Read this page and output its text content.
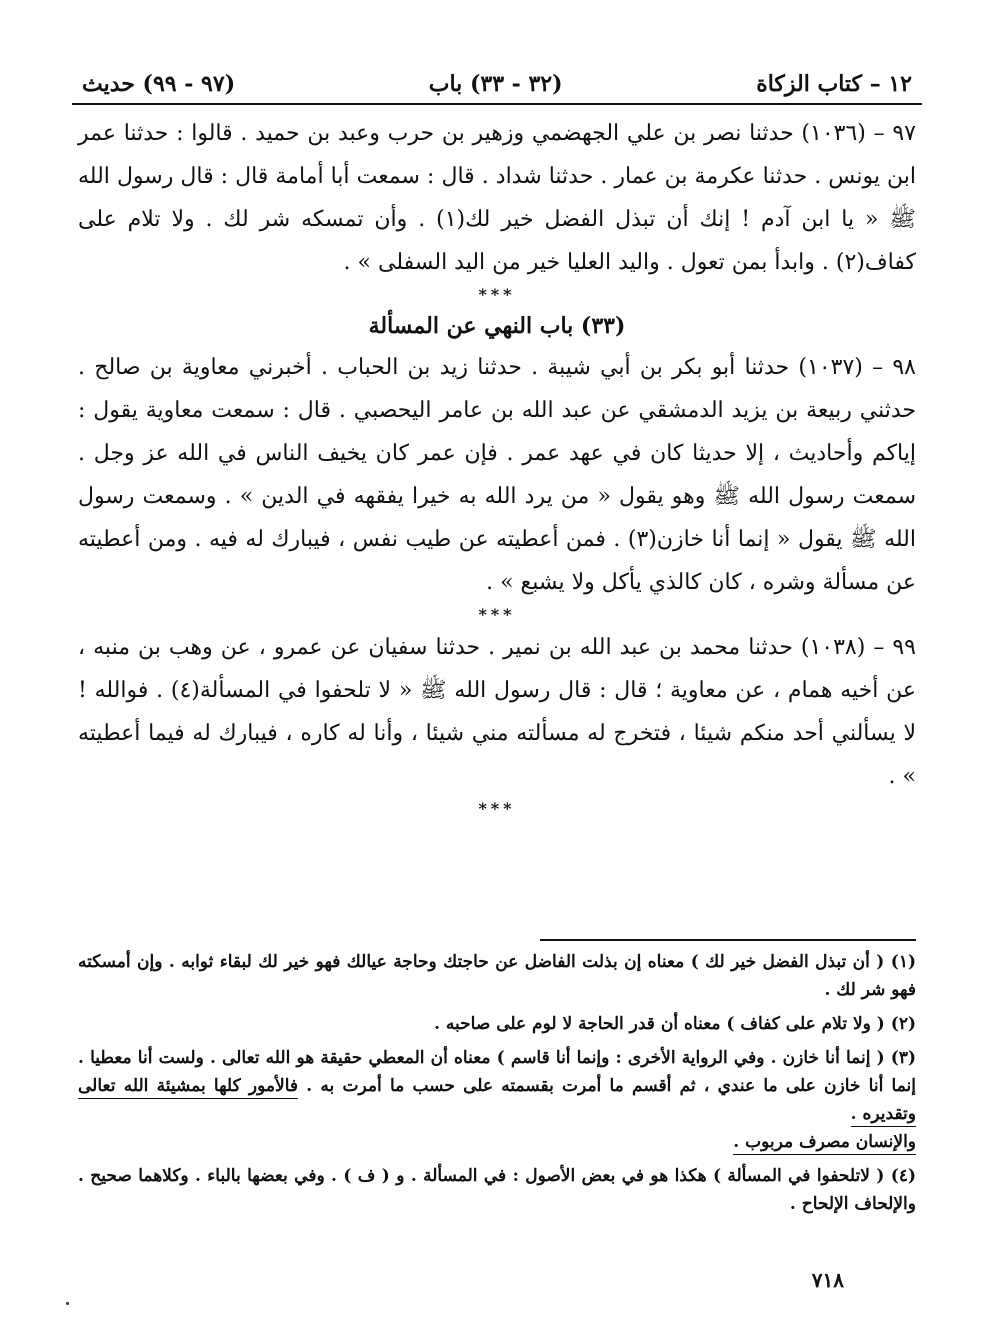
١٢ – كتاب الزكاة
(٣٢ - ٣٣) باب
(٩٧ - ٩٩) حديث

٩٧ – (١٠٣٦) حدثنا نصر بن علي الجهضمي وزهير بن حرب وعبد بن حميد . قالوا : حدثنا عمر ابن يونس . حدثنا عكرمة بن عمار . حدثنا شداد . قال : سمعت أبا أمامة قال : قال رسول الله ﷺ « يا ابن آدم ! إنك أن تبذل الفضل خير لك(١) . وأن تمسكه شر لك . ولا تلام على كفاف(٢) . وابدأ بمن تعول . واليد العليا خير من اليد السفلى » .

***
(٣٣) باب النهي عن المسألة

٩٨ – (١٠٣٧) حدثنا أبو بكر بن أبي شيبة . حدثنا زيد بن الحباب . أخبرني معاوية بن صالح . حدثني ربيعة بن يزيد الدمشقي عن عبد الله بن عامر اليحصبي . قال : سمعت معاوية يقول : إياكم وأحاديث ، إلا حديثا كان في عهد عمر . فإن عمر كان يخيف الناس في الله عز وجل . سمعت رسول الله ﷺ وهو يقول « من يرد الله به خيرا يفقهه في الدين » . وسمعت رسول الله ﷺ يقول « إنما أنا خازن(٣) . فمن أعطيته عن طيب نفس ، فيبارك له فيه . ومن أعطيته عن مسألة وشره ، كان كالذي يأكل ولا يشبع » .

***

٩٩ – (١٠٣٨) حدثنا محمد بن عبد الله بن نمير . حدثنا سفيان عن عمرو ، عن وهب بن منبه ، عن أخيه همام ، عن معاوية ؛ قال : قال رسول الله ﷺ « لا تلحفوا في المسألة(٤) . فوالله ! لا يسألني أحد منكم شيئا ، فتخرج له مسألته مني شيئا ، وأنا له كاره ، فيبارك له فيما أعطيته » .

***

(١) ( أن تبذل الفضل خير لك ) معناه إن بذلت الفاضل عن حاجتك وحاجة عيالك فهو خير لك لبقاء ثوابه . وإن أمسكته فهو شر لك .

(٢) ( ولا تلام على كفاف ) معناه أن قدر الحاجة لا لوم على صاحبه .

(٣) ( إنما أنا خازن . وفي الرواية الأخرى : وإنما أنا قاسم ) معناه أن المعطي حقيقة هو الله تعالى . ولست أنا معطيا . إنما أنا خازن على ما عندي ، ثم أقسم ما أمرت بقسمته على حسب ما أمرت به . فالأمور كلها بمشيئة الله تعالى وتقديره .
والإنسان مصرف مربوب .

(٤) ( لاتلحفوا في المسألة ) هكذا هو في بعض الأصول : في المسألة . و ( ف ) . وفي بعضها بالباء . وكلاهما صحيح . والإلحاف الإلحاح .

٧١٨
